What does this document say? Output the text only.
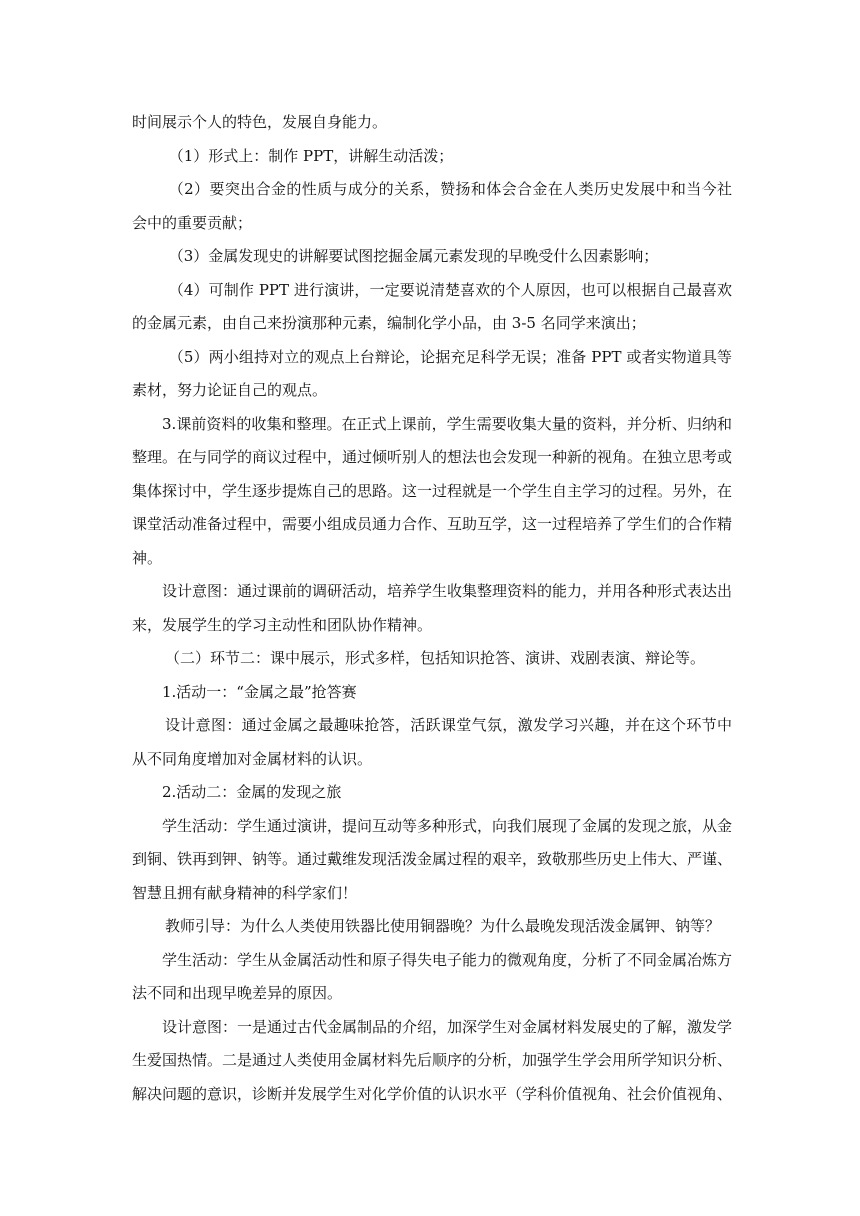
时间展示个人的特色，发展自身能力。

（1）形式上：制作 PPT，讲解生动活泼；

（2）要突出合金的性质与成分的关系，赞扬和体会合金在人类历史发展中和当今社会中的重要贡献；

（3）金属发现史的讲解要试图挖掘金属元素发现的早晚受什么因素影响；

（4）可制作 PPT 进行演讲，一定要说清楚喜欢的个人原因，也可以根据自己最喜欢的金属元素，由自己来扮演那种元素，编制化学小品，由 3-5 名同学来演出；

（5）两小组持对立的观点上台辩论，论据充足科学无误；准备 PPT 或者实物道具等素材，努力论证自己的观点。

3.课前资料的收集和整理。在正式上课前，学生需要收集大量的资料，并分析、归纳和整理。在与同学的商议过程中，通过倾听别人的想法也会发现一种新的视角。在独立思考或集体探讨中，学生逐步提炼自己的思路。这一过程就是一个学生自主学习的过程。另外，在课堂活动准备过程中，需要小组成员通力合作、互助互学，这一过程培养了学生们的合作精神。

设计意图：通过课前的调研活动，培养学生收集整理资料的能力，并用各种形式表达出来，发展学生的学习主动性和团队协作精神。

（二）环节二：课中展示，形式多样，包括知识抢答、演讲、戏剧表演、辩论等。

1.活动一：“金属之最”抢答赛

设计意图：通过金属之最趣味抢答，活跃课堂气氛，激发学习兴趣，并在这个环节中从不同角度增加对金属材料的认识。

2.活动二：金属的发现之旅

学生活动：学生通过演讲，提问互动等多种形式，向我们展现了金属的发现之旅，从金到铜、铁再到钾、钠等。通过戴维发现活泼金属过程的艰辛，致敬那些历史上伟大、严谨、智慧且拥有献身精神的科学家们！

教师引导：为什么人类使用铁器比使用铜器晚？为什么最晚发现活泼金属钾、钠等？

学生活动：学生从金属活动性和原子得失电子能力的微观角度，分析了不同金属冶炼方法不同和出现早晚差异的原因。

设计意图：一是通过古代金属制品的介绍，加深学生对金属材料发展史的了解，激发学生爱国热情。二是通过人类使用金属材料先后顺序的分析，加强学生学会用所学知识分析、解决问题的意识，诊断并发展学生对化学价值的认识水平（学科价值视角、社会价值视角、
